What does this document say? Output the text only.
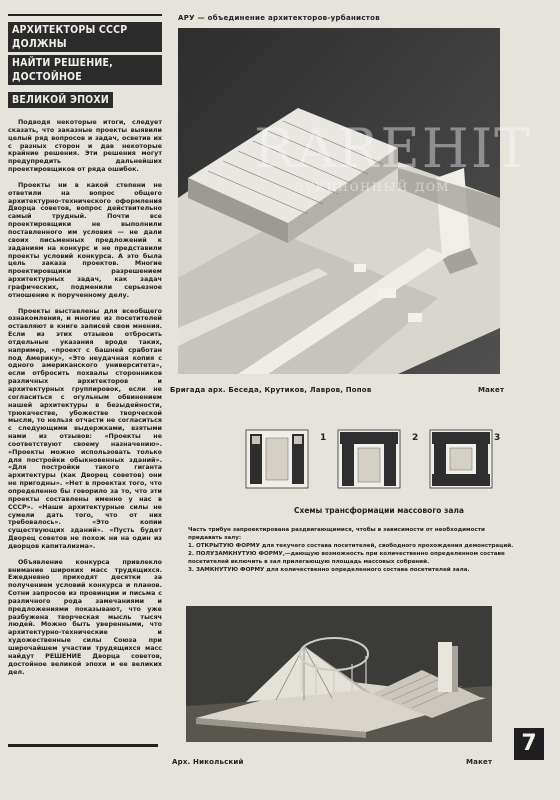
АРХИТЕКТОРЫ СССР ДОЛЖНЫ
НАЙТИ РЕШЕНИЕ, ДОСТОЙНОЕ
ВЕЛИКОЙ ЭПОХИ

Подводя некоторые итоги, следует сказать, что заказные проекты выявили целый ряд вопросов и задач, осветив их с разных сторон и дав некоторые крайние решения. Эти решения могут предупредить дальнейших проектировщиков от ряда ошибок.

Проекты ни в какой степени не ответили на вопрос общего архитектурно-технического оформления Дворца советов, вопрос действительно самый трудный. Почти все проектировщики не выполнили поставленного им условия — не дали своих письменных предложений к заданиям на конкурс и не представили проекты условий конкурса. А это была цель заказа проектов. Многие проектировщики разрешением архитектурных задач, как задач графических, подменили серьезное отношение к порученному делу.

Проекты выставлены для всеобщего ознакомления, и многие из посетителей оставляют в книге записей свои мнения. Если из этих отзывов отбросить отдельные указания вроде таких, например, «проект с башней сработан под Америку», «Это неудачная копия с одного американского университета», если отбросить похвалы сторонников различных архитекторов и архитектурных группировок, если не согласиться с огульным обвинением нашей архитектуры в безыдейности, трюкачестве, убожестве творческой мысли, то нельзя отчасти не согласиться с следующими выдержками, взятыми нами из отзывов: «Проекты не соответствуют своему назначению». «Проекты можно использовать только для постройки обыкновенных зданий». «Для постройки такого гиганта архитектуры (как Дворец советов) они не пригодны». «Нет в проектах того, что определенно бы говорило за то, что эти проекты составлены именно у нас в СССР». «Наши архитектурные силы не сумели дать того, что от них требовалось». «Это копии существующих зданий». «Пусть будет Дворец советов не похож ни на один из дворцов капитализма».

Объявление конкурса привлекло внимание широких масс трудящихся. Ежедневно приходят десятки за получением условий конкурса и планов. Сотни запросов из провинции и письма с различного рода замечаниями и предложениями показывают, что уже разбужена творческая мысль тысяч людей. Можно быть уверенными, что архитектурно-технические и художественные силы Союза при широчайшем участии трудящихся масс найдут РЕШЕНИЕ Дворца советов, достойное великой эпохи и ее великих дел.

АРУ — объединение архитекторов-урбанистов
Бригада арх. Беседа, Крутиков, Лавров, Попов	Макет
1	2	3
Схемы трансформации массового зала

Часть трибун запроектирована раздвигающимися, чтобы в зависимости от необходимости придавать залу:

1. ОТКРЫТУЮ ФОРМУ для текучего состава посетителей, свободного прохождения демонстраций.

2. ПОЛУЗАМКНУТУЮ ФОРМУ,—дающую возможность при количественно определенном составе посетителей включить в зал прилегающую площадь массовых собраний.

3. ЗАМКНУТУЮ ФОРМУ для количественно определенного состава посетителей зала.

Арх. Никольский	Макет
RAREHIT
аукционный дом
7
